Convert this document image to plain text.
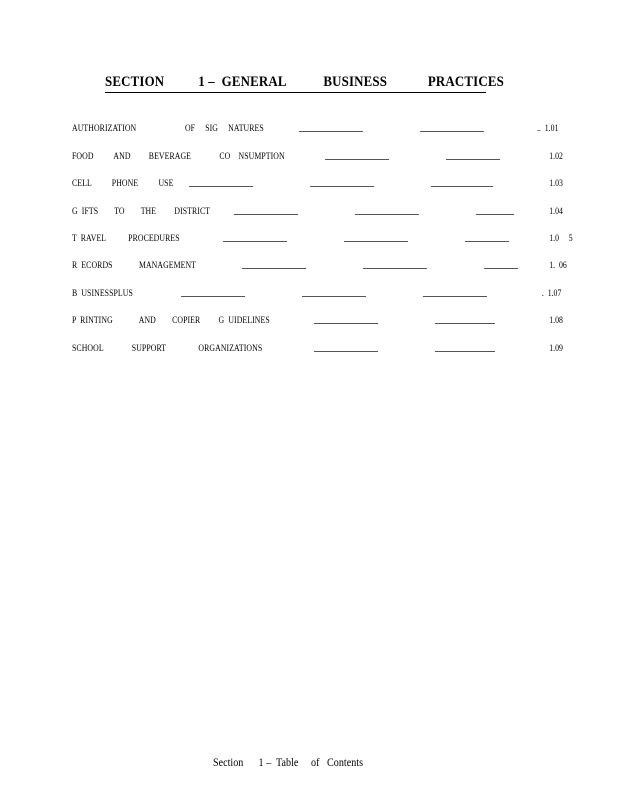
SECTION          1 –  GENERAL           BUSINESS            PRACTICES
AUTHORIZATION                        OF     SIG     NATURES	..  1.01
FOOD          AND         BEVERAGE              CO    NSUMPTION	1.02
CELL          PHONE          USE	1.03
G  IFTS        TO        THE         DISTRICT	1.04
T  RAVEL           PROCEDURES	1.0     5
R  ECORDS             MANAGEMENT	1.  06
B  USINESSPLUS	.  1.07
P  RINTING             AND        COPIER         G  UIDELINES	1.08
SCHOOL              SUPPORT                ORGANIZATIONS	1.09
Section      1 –  Table     of   Contents
